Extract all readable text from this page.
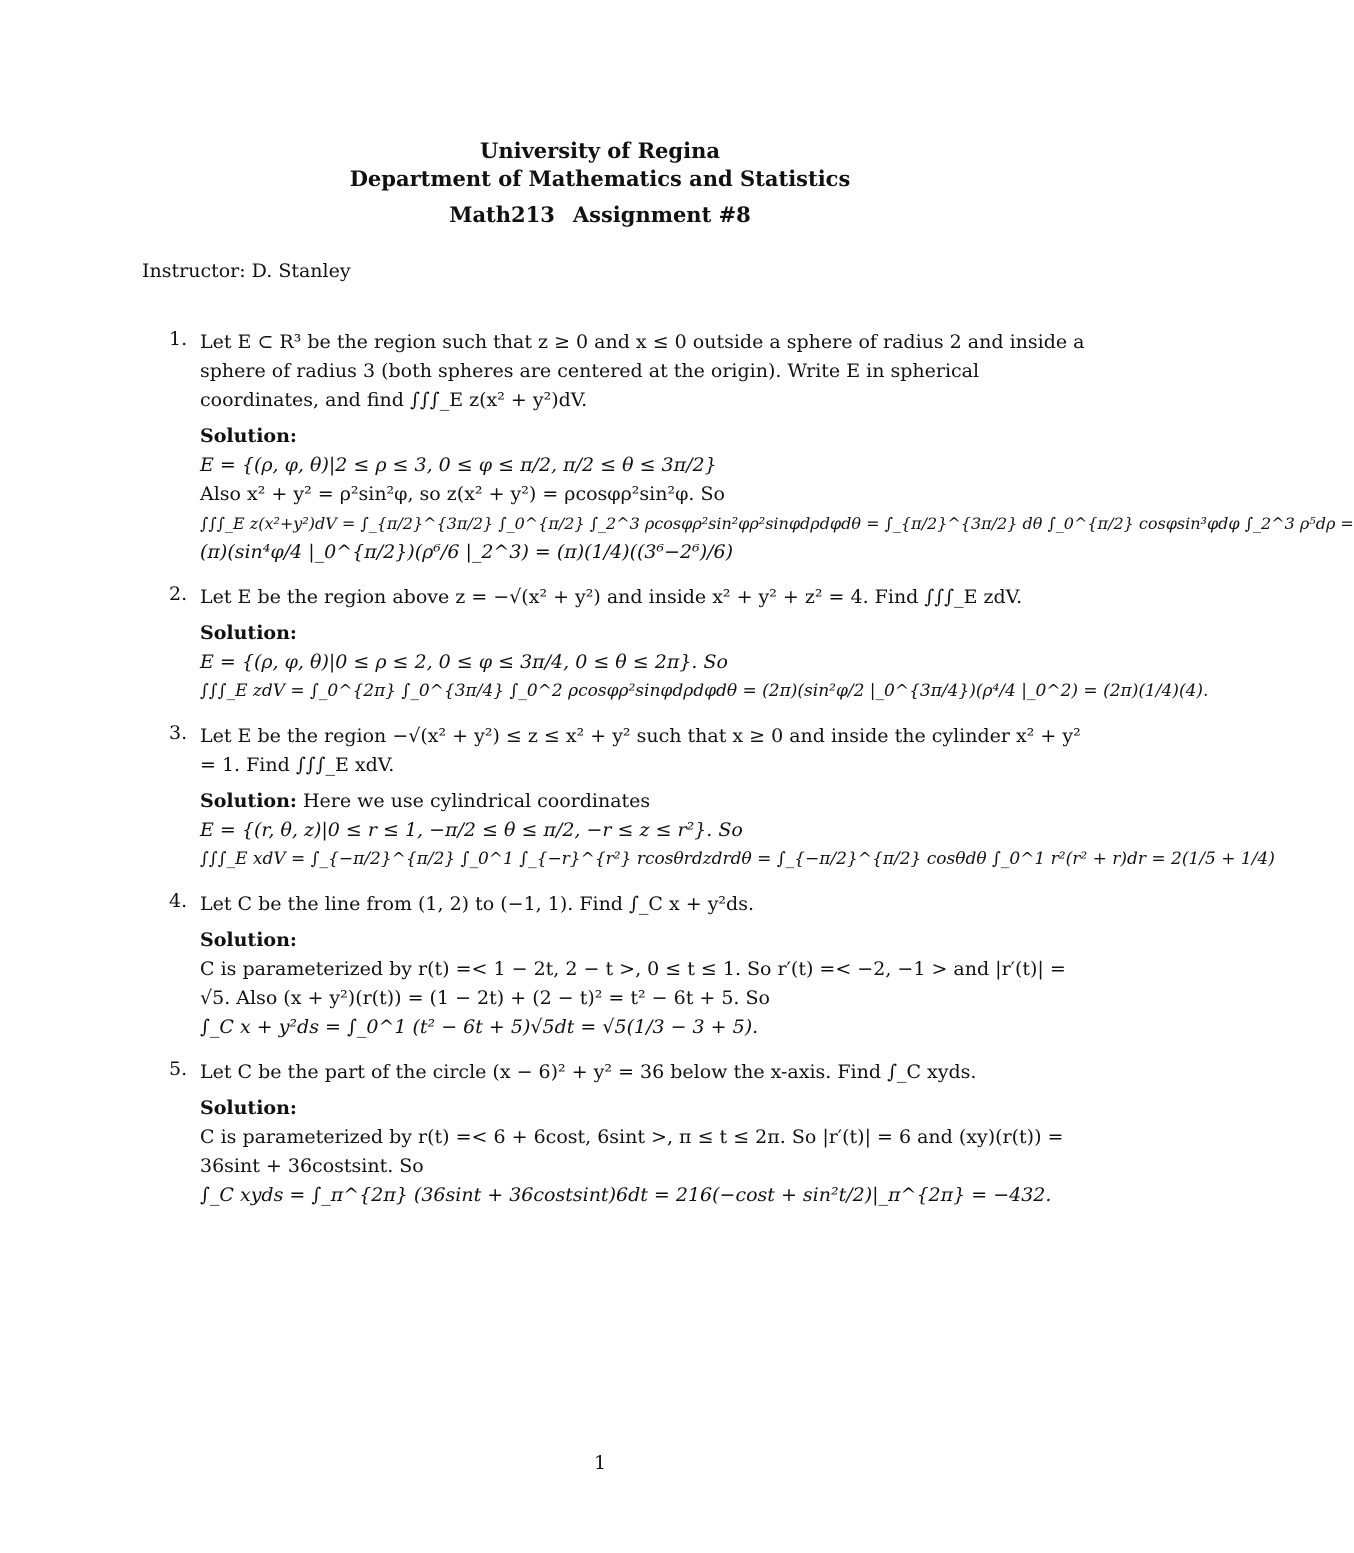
University of Regina
Department of Mathematics and Statistics
Math213 Assignment #8
Instructor: D. Stanley
1. Let E ⊂ R³ be the region such that z ≥ 0 and x ≤ 0 outside a sphere of radius 2 and inside a sphere of radius 3 (both spheres are centered at the origin). Write E in spherical coordinates, and find ∫∫∫_E z(x² + y²)dV.
Solution:
E = {(ρ, φ, θ)|2 ≤ ρ ≤ 3, 0 ≤ φ ≤ π/2, π/2 ≤ θ ≤ 3π/2}
Also x² + y² = ρ²sin²φ, so z(x² + y²) = ρcosφρ²sin²φ. So
∫∫∫_E z(x²+y²)dV = ∫_{π/2}^{3π/2} ∫_0^{π/2} ∫_2^3 ρcosφρ²sin²φρ²sinφdρdφdθ = ∫_{π/2}^{3π/2} dθ ∫_0^{π/2} cosφsin³φdφ ∫_2^3 ρ⁵dρ =
(π)(sin⁴φ/4 |_0^{π/2})(ρ⁶/6 |_2^3) = (π)(1/4)((3⁶−2⁶)/6)
2. Let E be the region above z = −√(x² + y²) and inside x² + y² + z² = 4. Find ∫∫∫_E zdV.
Solution:
E = {(ρ, φ, θ)|0 ≤ ρ ≤ 2, 0 ≤ φ ≤ 3π/4, 0 ≤ θ ≤ 2π}. So
∫∫∫_E zdV = ∫_0^{2π} ∫_0^{3π/4} ∫_0^2 ρcosφρ²sinφdρdφdθ = (2π)(sin²φ/2 |_0^{3π/4})(ρ⁴/4 |_0^2) = (2π)(1/4)(4).
3. Let E be the region −√(x² + y²) ≤ z ≤ x² + y² such that x ≥ 0 and inside the cylinder x² + y² = 1. Find ∫∫∫_E xdV.
Solution: Here we use cylindrical coordinates
E = {(r, θ, z)|0 ≤ r ≤ 1, −π/2 ≤ θ ≤ π/2, −r ≤ z ≤ r²}. So
∫∫∫_E xdV = ∫_{−π/2}^{π/2} ∫_0^1 ∫_{−r}^{r²} rcosθrdzdrdθ = ∫_{−π/2}^{π/2} cosθdθ ∫_0^1 r²(r² + r)dr = 2(1/5 + 1/4)
4. Let C be the line from (1, 2) to (−1, 1). Find ∫_C x + y²ds.
Solution:
C is parameterized by r(t) =< 1 − 2t, 2 − t >, 0 ≤ t ≤ 1. So r′(t) =< −2, −1 > and |r′(t)| = √5. Also (x + y²)(r(t)) = (1 − 2t) + (2 − t)² = t² − 6t + 5. So
∫_C x + y²ds = ∫_0^1 (t² − 6t + 5)√5dt = √5(1/3 − 3 + 5).
5. Let C be the part of the circle (x − 6)² + y² = 36 below the x-axis. Find ∫_C xyds.
Solution:
C is parameterized by r(t) =< 6 + 6cost, 6sint >, π ≤ t ≤ 2π. So |r′(t)| = 6 and (xy)(r(t)) = 36sint + 36costsint. So
∫_C xyds = ∫_π^{2π} (36sint + 36costsint)6dt = 216(−cost + sin²t/2)|_π^{2π} = −432.
1
